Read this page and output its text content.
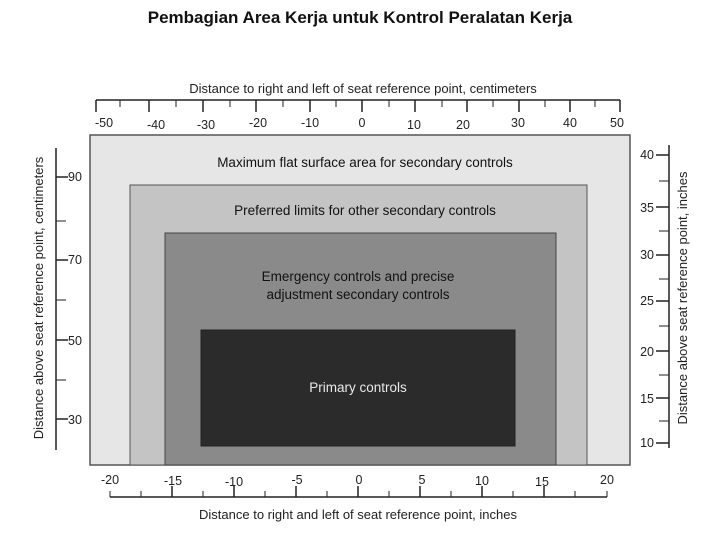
Pembagian Area Kerja untuk Kontrol Peralatan Kerja
Maximum flat surface area for secondary controls
Preferred limits for other secondary controls
Emergency controls and precise
adjustment secondary controls
Primary controls
Distance to right and left of seat reference point, centimeters
-50	-40	-30	-20	-10	0	10	20	30	40	50
-20	-15	-10	-5	0	5	10	15	20
Distance to right and left of seat reference point, inches
90
70
50
30
Distance above seat reference point, centimeters
40
35
30
25
20
15
10
Distance above seat reference point, inches
